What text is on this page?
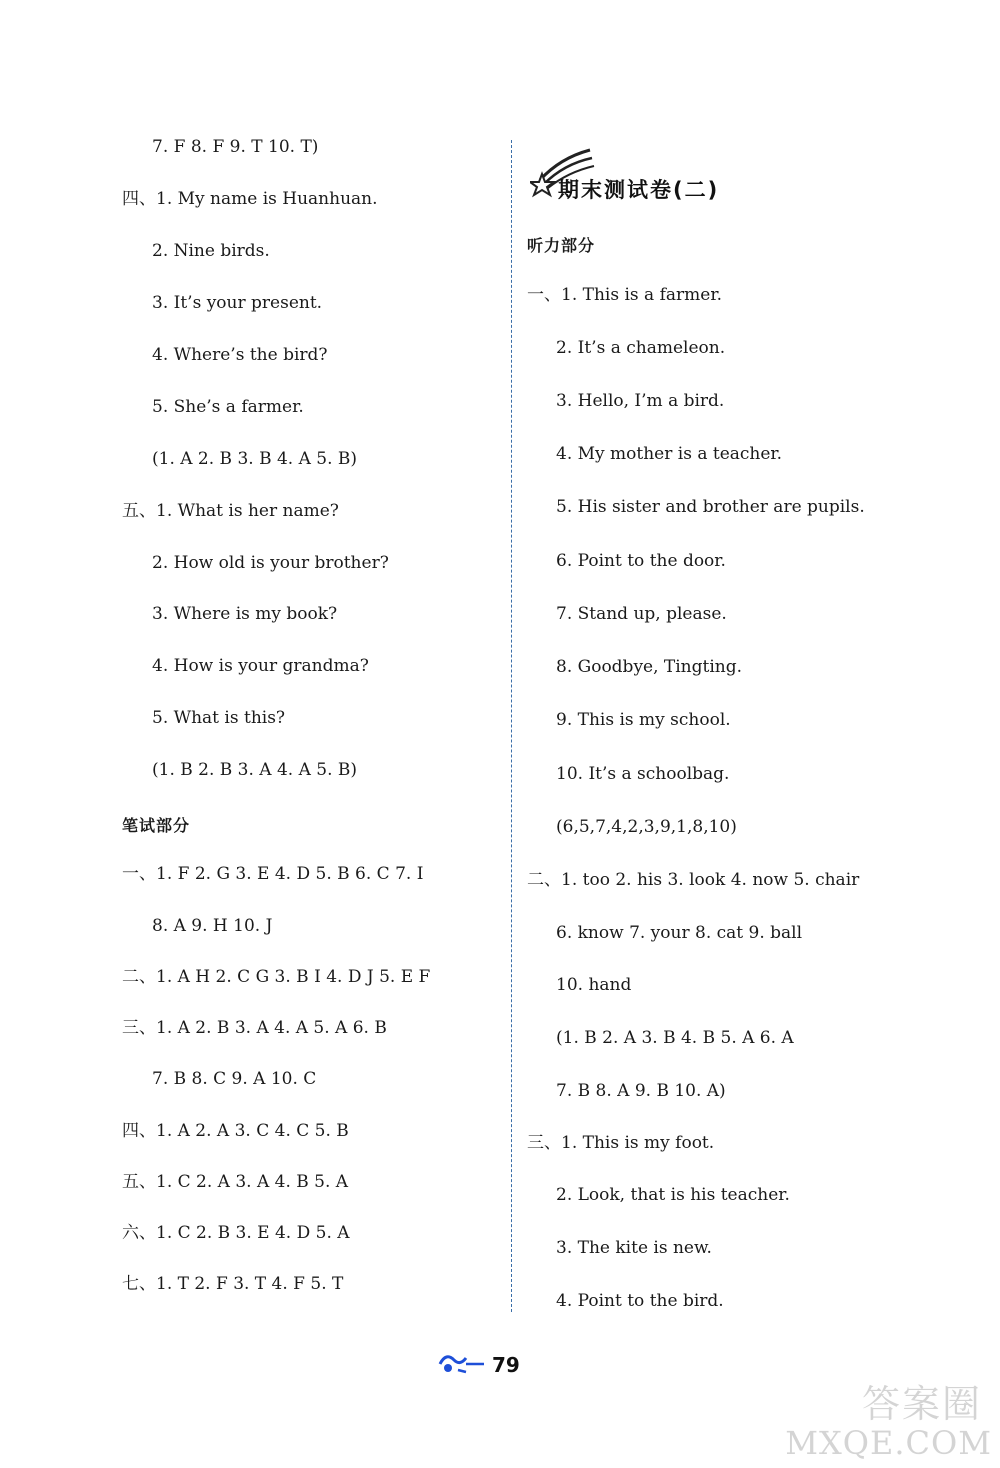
7. F 8. F 9. T 10. T)
四、1. My name is Huanhuan.
2. Nine birds.
3. It’s your present.
4. Where’s the bird?
5. She’s a farmer.
(1. A 2. B 3. B 4. A 5. B)
五、1. What is her name?
2. How old is your brother?
3. Where is my book?
4. How is your grandma?
5. What is this?
(1. B 2. B 3. A 4. A 5. B)
笔试部分
一、1. F 2. G 3. E 4. D 5. B 6. C 7. I
8. A 9. H 10. J
二、1. A H 2. C G 3. B I 4. D J 5. E F
三、1. A 2. B 3. A 4. A 5. A 6. B
7. B 8. C 9. A 10. C
四、1. A 2. A 3. C 4. C 5. B
五、1. C 2. A 3. A 4. B 5. A
六、1. C 2. B 3. E 4. D 5. A
七、1. T 2. F 3. T 4. F 5. T
期末测试卷(二)
听力部分
一、1. This is a farmer.
2. It’s a chameleon.
3. Hello, I’m a bird.
4. My mother is a teacher.
5. His sister and brother are pupils.
6. Point to the door.
7. Stand up, please.
8. Goodbye, Tingting.
9. This is my school.
10. It’s a schoolbag.
(6,5,7,4,2,3,9,1,8,10)
二、1. too 2. his 3. look 4. now 5. chair
6. know 7. your 8. cat 9. ball
10. hand
(1. B 2. A 3. B 4. B 5. A 6. A
7. B 8. A 9. B 10. A)
三、1. This is my foot.
2. Look, that is his teacher.
3. The kite is new.
4. Point to the bird.
79
答案圈
MXQE.COM
